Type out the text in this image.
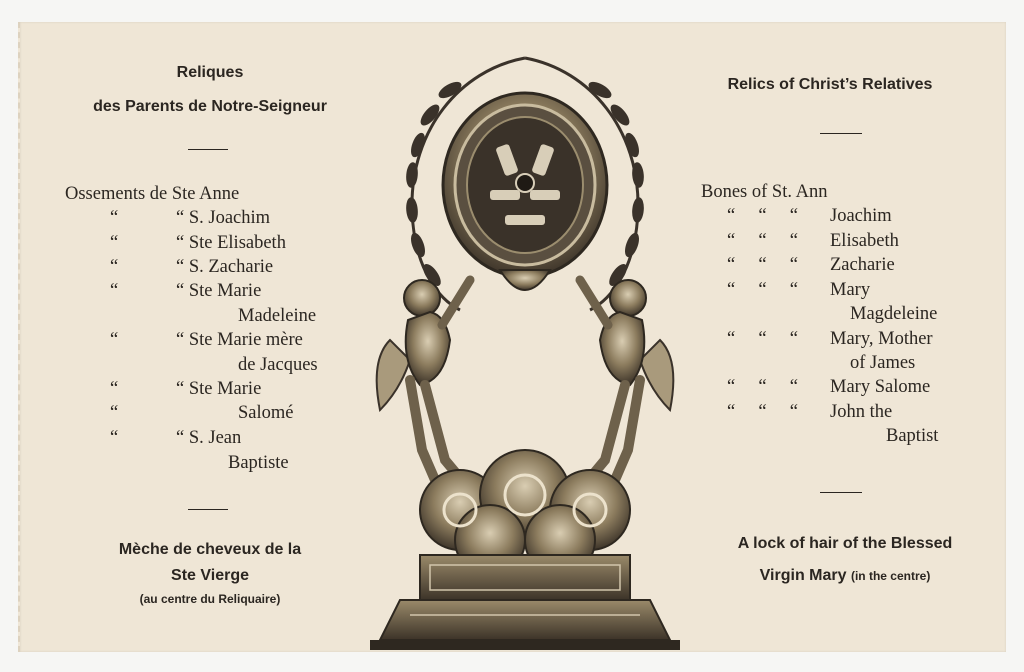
Reliques
des Parents de Notre-Seigneur
Ossements de Ste Anne
“	“ S. Joachim
“	“ Ste Elisabeth
“	“ S. Zacharie
“	“ Ste Marie
Madeleine
“	“ Ste Marie mère
de Jacques
“	“ Ste Marie
“	Salomé
“	“ S. Jean
Baptiste
Mèche de cheveux de la
Ste Vierge
(au centre du Reliquaire)
Relics of Christ’s Relatives
Bones of St. Ann
“ “ “ Joachim
“ “ “ Elisabeth
“ “ “ Zacharie
“ “ “ Mary
Magdeleine
“ “ “ Mary, Mother
of James
“ “ “ Mary Salome
“ “ “ John the
Baptist
A lock of hair of the Blessed
Virgin Mary (in the centre)
